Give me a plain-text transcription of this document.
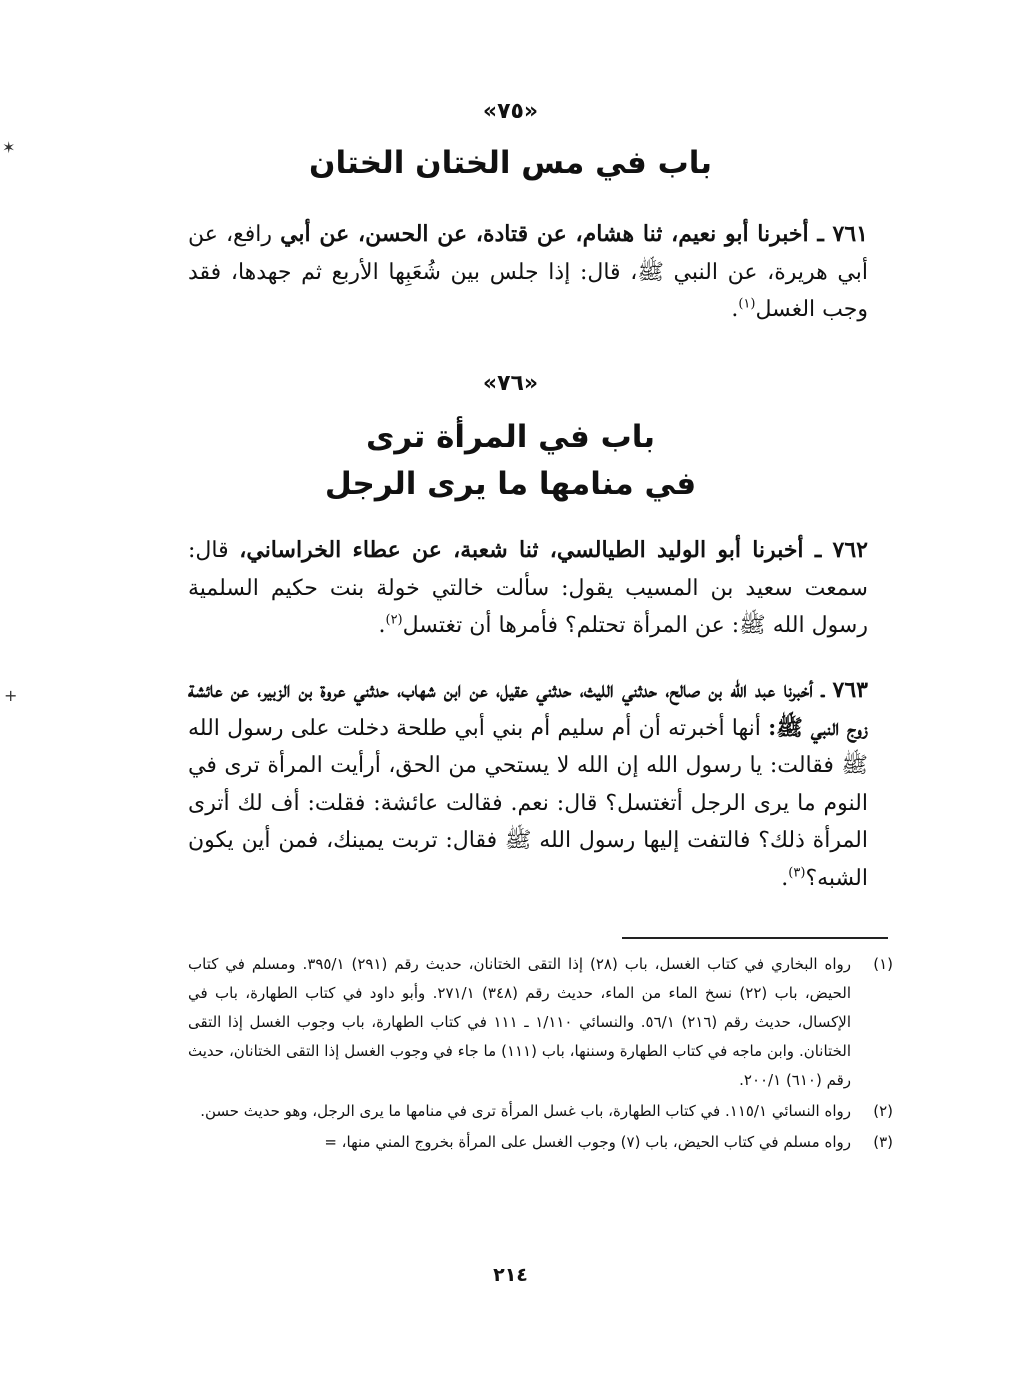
✶
+
«٧٥»
باب في مس الختان الختان
٧٦١ ـ أخبرنا أبو نعيم، ثنا هشام، عن قتادة، عن الحسن، عن أبي رافع، عن أبي هريرة، عن النبي ﷺ، قال: إذا جلس بين شُعَبِها الأربع ثم جهدها، فقد وجب الغسل$^{(١)}$.
«٧٦»
باب في المرأة ترى
في منامها ما يرى الرجل
٧٦٢ ـ أخبرنا أبو الوليد الطيالسي، ثنا شعبة، عن عطاء الخراساني، قال: سمعت سعيد بن المسيب يقول: سألت خالتي خولة بنت حكيم السلمية رسول الله ﷺ: عن المرأة تحتلم؟ فأمرها أن تغتسل$^{(٢)}$.
٧٦٣ ـ أخبرنا عبد الله بن صالح، حدثني الليث، حدثني عقيل، عن ابن شهاب، حدثني عروة بن الزبير، عن عائشة زوج النبي ﷺ: أنها أخبرته أن أم سليم أم بني أبي طلحة دخلت على رسول الله ﷺ فقالت: يا رسول الله إن الله لا يستحي من الحق، أرأيت المرأة ترى في النوم ما يرى الرجل أتغتسل؟ قال: نعم. فقالت عائشة: فقلت: أف لك أترى المرأة ذلك؟ فالتفت إليها رسول الله ﷺ فقال: تربت يمينك، فمن أين يكون الشبه؟$^{(٣)}$.
(١)
رواه البخاري في كتاب الغسل، باب (٢٨) إذا التقى الختانان، حديث رقم (٢٩١) ٣٩٥/١. ومسلم في كتاب الحيض، باب (٢٢) نسخ الماء من الماء، حديث رقم (٣٤٨) ٢٧١/١. وأبو داود في كتاب الطهارة، باب في الإكسال، حديث رقم (٢١٦) ٥٦/١. والنسائي ١/١١٠ ـ ١١١ في كتاب الطهارة، باب وجوب الغسل إذا التقى الختانان. وابن ماجه في كتاب الطهارة وسننها، باب (١١١) ما جاء في وجوب الغسل إذا التقى الختانان، حديث رقم (٦١٠) ٢٠٠/١.
(٢)
رواه النسائي ١١٥/١. في كتاب الطهارة، باب غسل المرأة ترى في منامها ما يرى الرجل، وهو حديث حسن.
(٣)
رواه مسلم في كتاب الحيض، باب (٧) وجوب الغسل على المرأة بخروج المني منها، =
٢١٤
